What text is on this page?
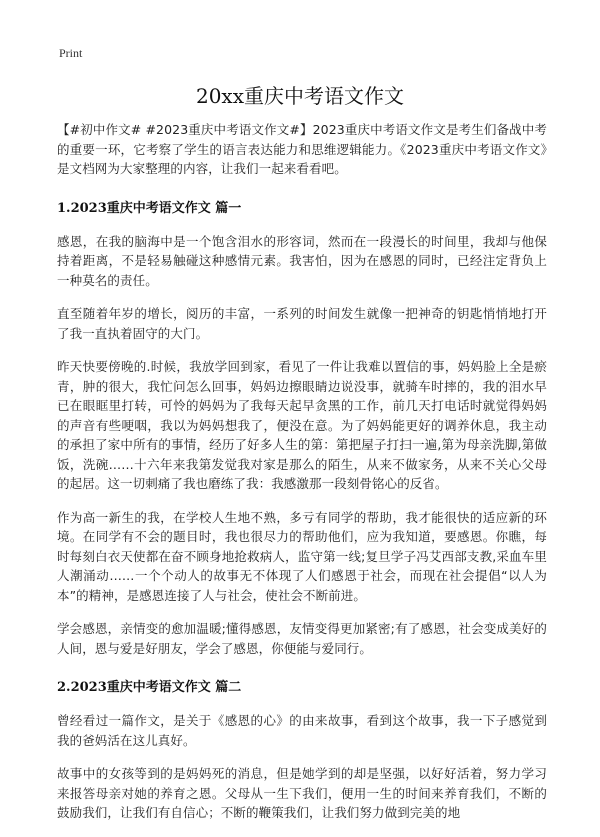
Print
20xx重庆中考语文作文

【#初中作文# #2023重庆中考语文作文#】2023重庆中考语文作文是考生们备战中考的重要一环，它考察了学生的语言表达能力和思维逻辑能力。《2023重庆中考语文作文》是文档网为大家整理的内容，让我们一起来看看吧。

1.2023重庆中考语文作文 篇一

感恩，在我的脑海中是一个饱含泪水的形容词，然而在一段漫长的时间里，我却与他保持着距离，不是轻易触碰这种感情元素。我害怕，因为在感恩的同时，已经注定背负上一种莫名的责任。

直至随着年岁的增长，阅历的丰富，一系列的时间发生就像一把神奇的钥匙悄悄地打开了我一直执着固守的大门。

昨天快要傍晚的.时候，我放学回到家，看见了一件让我难以置信的事，妈妈脸上全是瘀青，肿的很大，我忙问怎么回事，妈妈边擦眼睛边说没事，就骑车时摔的，我的泪水早已在眼眶里打转，可怜的妈妈为了我每天起早贪黑的工作，前几天打电话时就觉得妈妈的声音有些哽咽，我以为妈妈想我了，便没在意。为了妈妈能更好的调养休息，我主动的承担了家中所有的事情，经历了好多人生的第：第把屋子打扫一遍,第为母亲洗脚,第做饭，洗碗……十六年来我第发觉我对家是那么的陌生，从来不做家务，从来不关心父母的起居。这一切刺痛了我也磨练了我：我感激那一段刻骨铭心的反省。

作为高一新生的我，在学校人生地不熟，多亏有同学的帮助，我才能很快的适应新的环境。在同学有不会的题目时，我也很尽力的帮助他们，应为我知道，要感恩。你瞧，每时每刻白衣天使都在奋不顾身地抢救病人，监守第一线;复旦学子冯艾西部支教,采血车里人潮涌动……一个个动人的故事无不体现了人们感恩于社会，而现在社会提倡“以人为本”的精神，是感恩连接了人与社会，使社会不断前进。

学会感恩，亲情变的愈加温暖;懂得感恩，友情变得更加紧密;有了感恩，社会变成美好的人间，恩与爱是好朋友，学会了感恩，你便能与爱同行。

2.2023重庆中考语文作文 篇二

曾经看过一篇作文，是关于《感恩的心》的由来故事，看到这个故事，我一下子感觉到我的爸妈活在这儿真好。

故事中的女孩等到的是妈妈死的消息，但是她学到的却是坚强，以好好活着，努力学习来报答母亲对她的养育之恩。父母从一生下我们，便用一生的时间来养育我们，不断的鼓励我们，让我们有自信心；不断的鞭策我们，让我们努力做到完美的地
